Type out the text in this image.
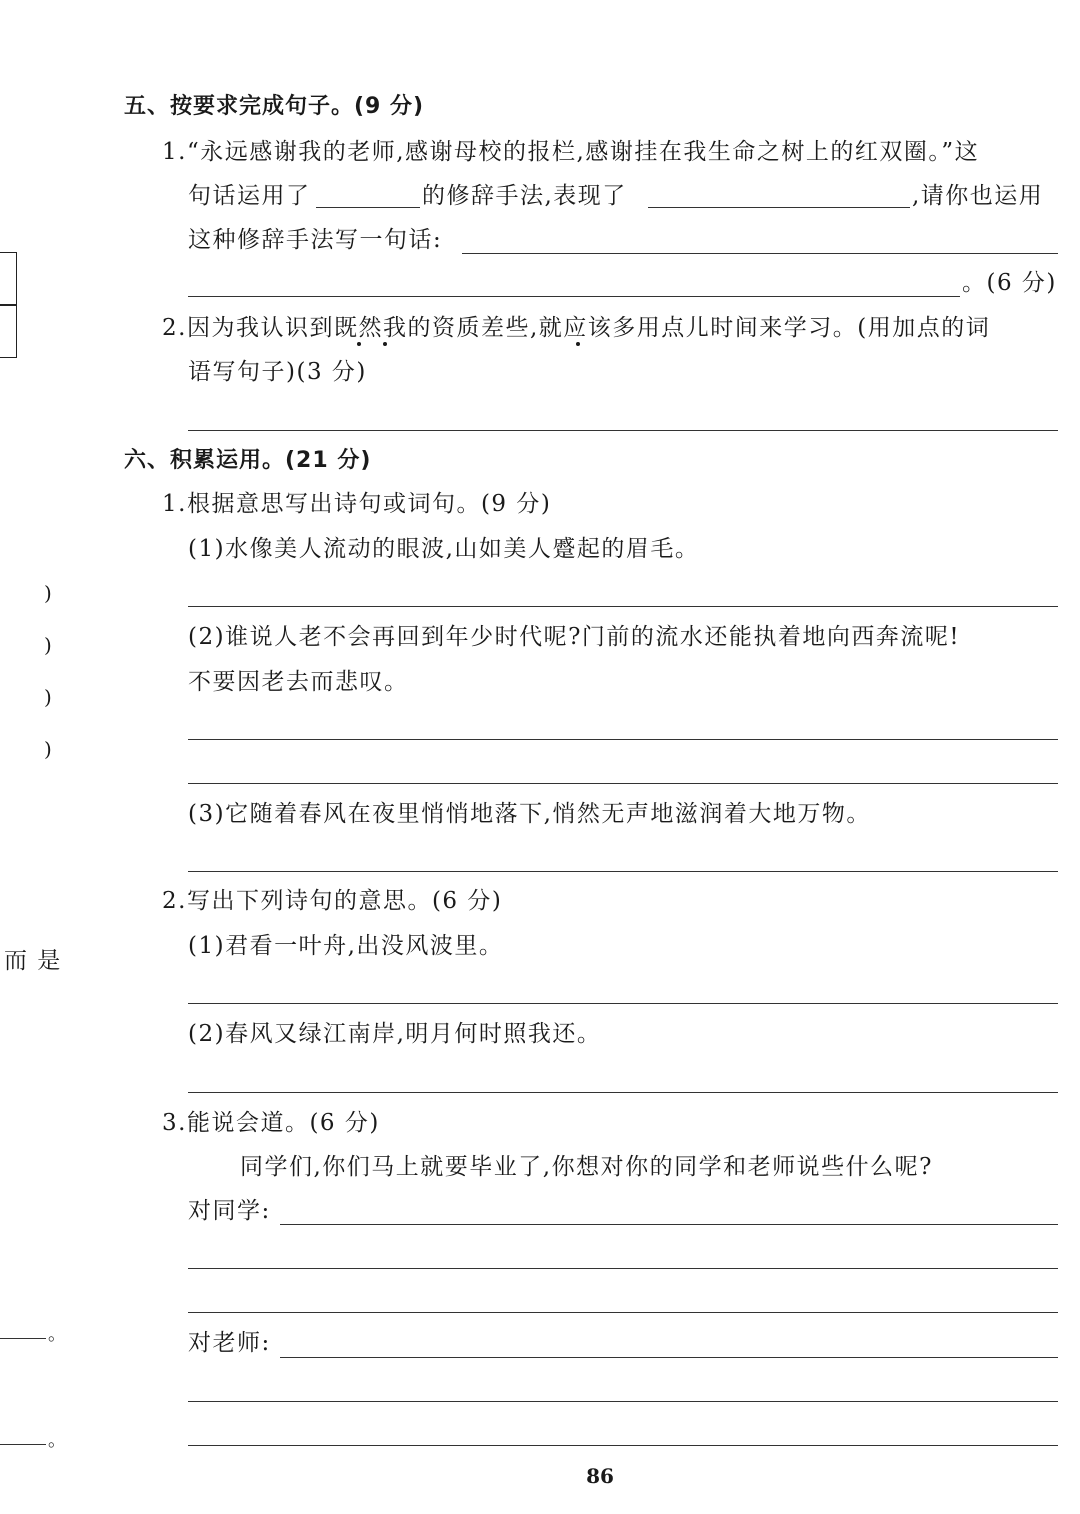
)
)
)
)
而 是
。
。
五、按要求完成句子。(9 分)
1.“永远感谢我的老师,感谢母校的报栏,感谢挂在我生命之树上的红双圈。”这
句话运用了	的修辞手法,表现了	,请你也运用
这种修辞手法写一句话:
。(6 分)
2.因为我认识到既然我的资质差些,就应该多用点儿时间来学习。(用加点的词
语写句子)(3 分)
六、积累运用。(21 分)
1.根据意思写出诗句或词句。(9 分)
(1)水像美人流动的眼波,山如美人蹙起的眉毛。
(2)谁说人老不会再回到年少时代呢?门前的流水还能执着地向西奔流呢!
不要因老去而悲叹。
(3)它随着春风在夜里悄悄地落下,悄然无声地滋润着大地万物。
2.写出下列诗句的意思。(6 分)
(1)君看一叶舟,出没风波里。
(2)春风又绿江南岸,明月何时照我还。
3.能说会道。(6 分)
同学们,你们马上就要毕业了,你想对你的同学和老师说些什么呢?
对同学:
对老师:
86
